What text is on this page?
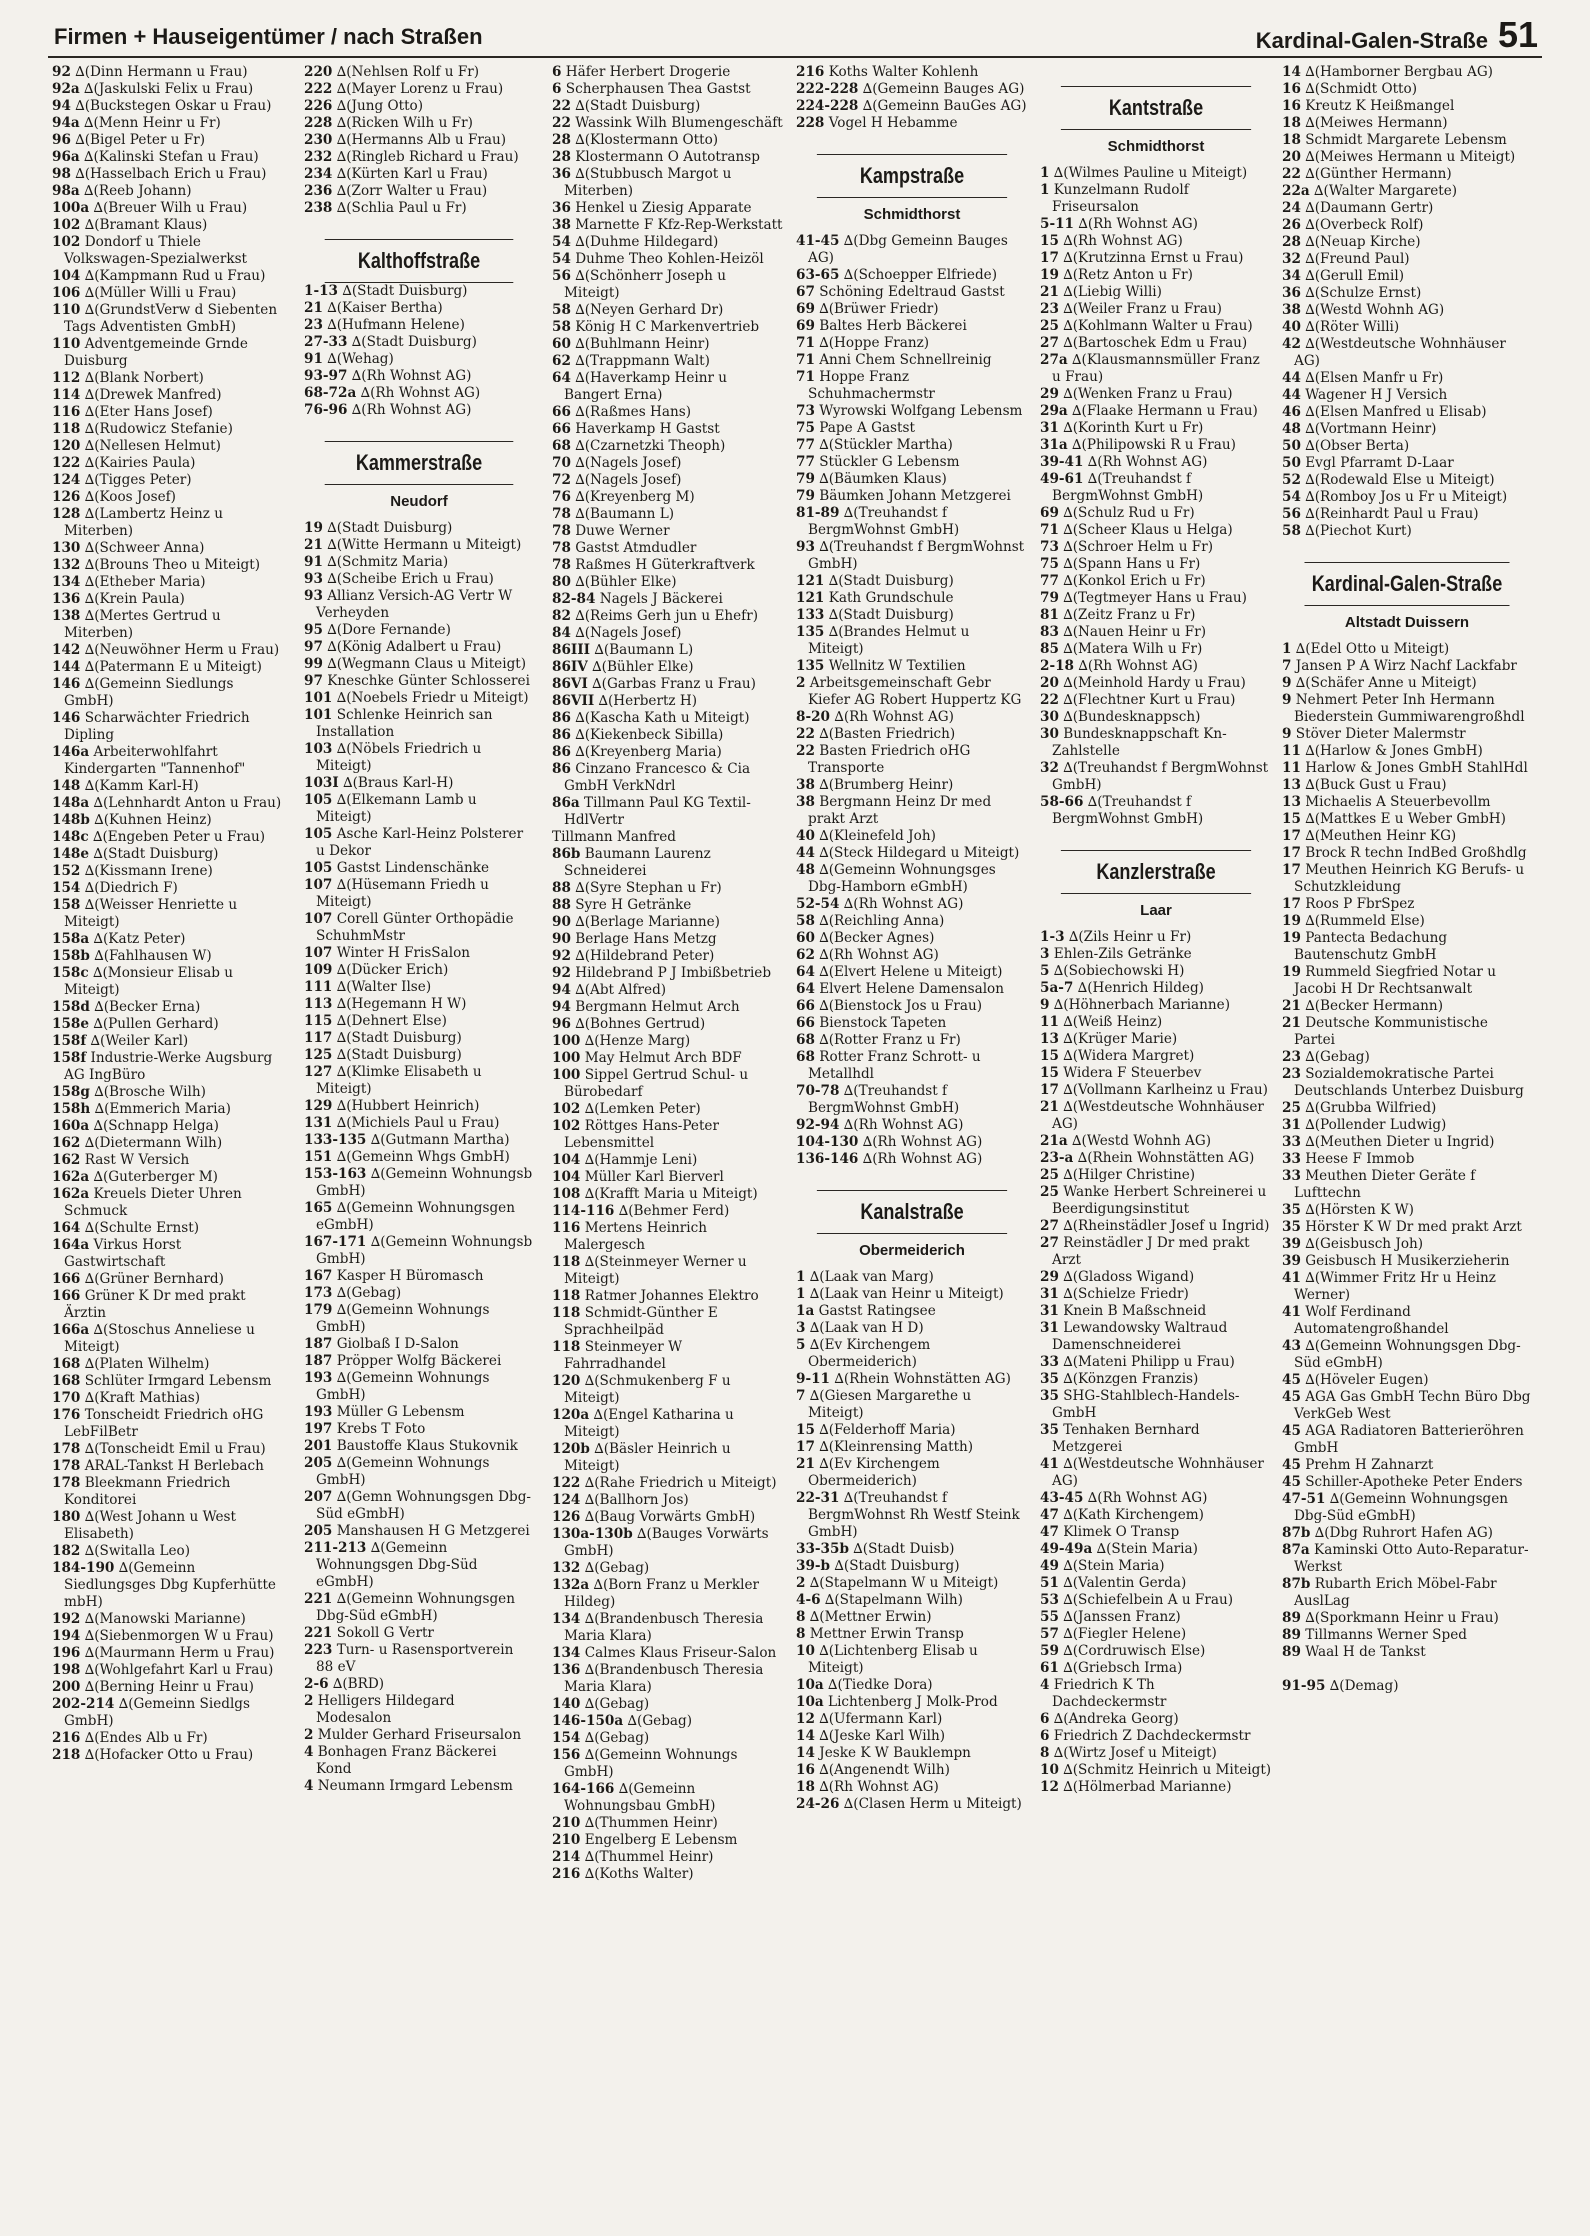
Firmen + Hauseigentümer / nach Straßen	Kardinal-Galen-Straße 51
92 ∆(Dinn Hermann u Frau)
92a ∆(Jaskulski Felix u Frau)
94 ∆(Buckstegen Oskar u Frau)
94a ∆(Menn Heinr u Fr)
96 ∆(Bigel Peter u Fr)
96a ∆(Kalinski Stefan u Frau)
98 ∆(Hasselbach Erich u Frau)
98a ∆(Reeb Johann)
100a ∆(Breuer Wilh u Frau)
102 ∆(Bramant Klaus)
102 Dondorf u Thiele Volkswagen-Spezialwerkst
104 ∆(Kampmann Rud u Frau)
106 ∆(Müller Willi u Frau)
110 ∆(GrundstVerw d Siebenten Tags Adventisten GmbH)
110 Adventgemeinde Grnde Duisburg
112 ∆(Blank Norbert)
114 ∆(Drewek Manfred)
116 ∆(Eter Hans Josef)
118 ∆(Rudowicz Stefanie)
120 ∆(Nellesen Helmut)
122 ∆(Kairies Paula)
124 ∆(Tigges Peter)
126 ∆(Koos Josef)
128 ∆(Lambertz Heinz u Miterben)
130 ∆(Schweer Anna)
132 ∆(Brouns Theo u Miteigt)
134 ∆(Etheber Maria)
136 ∆(Krein Paula)
138 ∆(Mertes Gertrud u Miterben)
142 ∆(Neuwöhner Herm u Frau)
144 ∆(Patermann E u Miteigt)
146 ∆(Gemeinn Siedlungs GmbH)
146 Scharwächter Friedrich Dipling
146a Arbeiterwohlfahrt Kindergarten "Tannenhof"
148 ∆(Kamm Karl-H)
148a ∆(Lehnhardt Anton u Frau)
148b ∆(Kuhnen Heinz)
148c ∆(Engeben Peter u Frau)
148e ∆(Stadt Duisburg)
152 ∆(Kissmann Irene)
154 ∆(Diedrich F)
158 ∆(Weisser Henriette u Miteigt)
158a ∆(Katz Peter)
158b ∆(Fahlhausen W)
158c ∆(Monsieur Elisab u Miteigt)
158d ∆(Becker Erna)
158e ∆(Pullen Gerhard)
158f ∆(Weiler Karl)
158f Industrie-Werke Augsburg AG IngBüro
158g ∆(Brosche Wilh)
158h ∆(Emmerich Maria)
160a ∆(Schnapp Helga)
162 ∆(Dietermann Wilh)
162 Rast W Versich
162a ∆(Guterberger M)
162a Kreuels Dieter Uhren Schmuck
164 ∆(Schulte Ernst)
164a Virkus Horst Gastwirtschaft
166 ∆(Grüner Bernhard)
166 Grüner K Dr med prakt Ärztin
166a ∆(Stoschus Anneliese u Miteigt)
168 ∆(Platen Wilhelm)
168 Schlüter Irmgard Lebensm
170 ∆(Kraft Mathias)
176 Tonscheidt Friedrich oHG LebFilBetr
178 ∆(Tonscheidt Emil u Frau)
178 ARAL-Tankst H Berlebach
178 Bleekmann Friedrich Konditorei
180 ∆(West Johann u West Elisabeth)
182 ∆(Switalla Leo)
184-190 ∆(Gemeinn Siedlungsges Dbg Kupferhütte mbH)
192 ∆(Manowski Marianne)
194 ∆(Siebenmorgen W u Frau)
196 ∆(Maurmann Herm u Frau)
198 ∆(Wohlgefahrt Karl u Frau)
200 ∆(Berning Heinr u Frau)
202-214 ∆(Gemeinn Siedlgs GmbH)
216 ∆(Endes Alb u Fr)
218 ∆(Hofacker Otto u Frau)
220 ∆(Nehlsen Rolf u Fr)
222 ∆(Mayer Lorenz u Frau)
226 ∆(Jung Otto)
228 ∆(Ricken Wilh u Fr)
230 ∆(Hermanns Alb u Frau)
232 ∆(Ringleb Richard u Frau)
234 ∆(Kürten Karl u Frau)
236 ∆(Zorr Walter u Frau)
238 ∆(Schlia Paul u Fr)
Kalthoffstraße
1-13 ∆(Stadt Duisburg)
21 ∆(Kaiser Bertha)
23 ∆(Hufmann Helene)
27-33 ∆(Stadt Duisburg)
91 ∆(Wehag)
93-97 ∆(Rh Wohnst AG)
68-72a ∆(Rh Wohnst AG)
76-96 ∆(Rh Wohnst AG)
Kammerstraße
Neudorf
19 ∆(Stadt Duisburg)
21 ∆(Witte Hermann u Miteigt)
91 ∆(Schmitz Maria)
93 ∆(Scheibe Erich u Frau)
93 Allianz Versich-AG Vertr W Verheyden
95 ∆(Dore Fernande)
97 ∆(König Adalbert u Frau)
99 ∆(Wegmann Claus u Miteigt)
97 Kneschke Günter Schlosserei
101 ∆(Noebels Friedr u Miteigt)
101 Schlenke Heinrich san Installation
103 ∆(Nöbels Friedrich u Miteigt)
103I ∆(Braus Karl-H)
105 ∆(Elkemann Lamb u Miteigt)
105 Asche Karl-Heinz Polsterer u Dekor
105 Gastst Lindenschänke
107 ∆(Hüsemann Friedh u Miteigt)
107 Corell Günter Orthopädie SchuhmMstr
107 Winter H FrisSalon
109 ∆(Dücker Erich)
111 ∆(Walter Ilse)
113 ∆(Hegemann H W)
115 ∆(Dehnert Else)
117 ∆(Stadt Duisburg)
125 ∆(Stadt Duisburg)
127 ∆(Klimke Elisabeth u Miteigt)
129 ∆(Hubbert Heinrich)
131 ∆(Michiels Paul u Frau)
133-135 ∆(Gutmann Martha)
151 ∆(Gemeinn Whgs GmbH)
153-163 ∆(Gemeinn Wohnungsb GmbH)
165 ∆(Gemeinn Wohnungsgen eGmbH)
167-171 ∆(Gemeinn Wohnungsb GmbH)
167 Kasper H Büromasch
173 ∆(Gebag)
179 ∆(Gemeinn Wohnungs GmbH)
187 Giolbaß I D-Salon
187 Pröpper Wolfg Bäckerei
193 ∆(Gemeinn Wohnungs GmbH)
193 Müller G Lebensm
197 Krebs T Foto
201 Baustoffe Klaus Stukovnik
205 ∆(Gemeinn Wohnungs GmbH)
207 ∆(Gemn Wohnungsgen Dbg-Süd eGmbH)
205 Manshausen H G Metzgerei
211-213 ∆(Gemeinn Wohnungsgen Dbg-Süd eGmbH)
221 ∆(Gemeinn Wohnungsgen Dbg-Süd eGmbH)
221 Sokoll G Vertr
223 Turn- u Rasensportverein 88 eV
2-6 ∆(BRD)
2 Helligers Hildegard Modesalon
2 Mulder Gerhard Friseursalon
4 Bonhagen Franz Bäckerei Kond
4 Neumann Irmgard Lebensm
6 Häfer Herbert Drogerie
6 Scherphausen Thea Gastst
22 ∆(Stadt Duisburg)
22 Wassink Wilh Blumengeschäft
28 ∆(Klostermann Otto)
28 Klostermann O Autotransp
36 ∆(Stubbusch Margot u Miterben)
36 Henkel u Ziesig Apparate
38 Marnette F Kfz-Rep-Werkstatt
54 ∆(Duhme Hildegard)
54 Duhme Theo Kohlen-Heizöl
56 ∆(Schönherr Joseph u Miteigt)
58 ∆(Neyen Gerhard Dr)
58 König H C Markenvertrieb
60 ∆(Buhlmann Heinr)
62 ∆(Trappmann Walt)
64 ∆(Haverkamp Heinr u Bangert Erna)
66 ∆(Raßmes Hans)
66 Haverkamp H Gastst
68 ∆(Czarnetzki Theoph)
70 ∆(Nagels Josef)
72 ∆(Nagels Josef)
76 ∆(Kreyenberg M)
78 ∆(Baumann L)
78 Duwe Werner
78 Gastst Atmdudler
78 Raßmes H Güterkraftverk
80 ∆(Bühler Elke)
82-84 Nagels J Bäckerei
82 ∆(Reims Gerh jun u Ehefr)
84 ∆(Nagels Josef)
86III ∆(Baumann L)
86IV ∆(Bühler Elke)
86VI ∆(Garbas Franz u Frau)
86VII ∆(Herbertz H)
86 ∆(Kascha Kath u Miteigt)
86 ∆(Kiekenbeck Sibilla)
86 ∆(Kreyenberg Maria)
86 Cinzano Francesco & Cia GmbH VerkNdrl
86a Tillmann Paul KG Textil-HdlVertr
Tillmann Manfred
86b Baumann Laurenz Schneiderei
88 ∆(Syre Stephan u Fr)
88 Syre H Getränke
90 ∆(Berlage Marianne)
90 Berlage Hans Metzg
92 ∆(Hildebrand Peter)
92 Hildebrand P J Imbißbetrieb
94 ∆(Abt Alfred)
94 Bergmann Helmut Arch
96 ∆(Bohnes Gertrud)
100 ∆(Henze Marg)
100 May Helmut Arch BDF
100 Sippel Gertrud Schul- u Bürobedarf
102 ∆(Lemken Peter)
102 Röttges Hans-Peter Lebensmittel
104 ∆(Hammje Leni)
104 Müller Karl Bierverl
108 ∆(Krafft Maria u Miteigt)
114-116 ∆(Behmer Ferd)
116 Mertens Heinrich Malergesch
118 ∆(Steinmeyer Werner u Miteigt)
118 Ratmer Johannes Elektro
118 Schmidt-Günther E Sprachheilpäd
118 Steinmeyer W Fahrradhandel
120 ∆(Schmukenberg F u Miteigt)
120a ∆(Engel Katharina u Miteigt)
120b ∆(Bäsler Heinrich u Miteigt)
122 ∆(Rahe Friedrich u Miteigt)
124 ∆(Ballhorn Jos)
126 ∆(Baug Vorwärts GmbH)
130a-130b ∆(Bauges Vorwärts GmbH)
132 ∆(Gebag)
132a ∆(Born Franz u Merkler Hildeg)
134 ∆(Brandenbusch Theresia Maria Klara)
134 Calmes Klaus Friseur-Salon
136 ∆(Brandenbusch Theresia Maria Klara)
140 ∆(Gebag)
146-150a ∆(Gebag)
154 ∆(Gebag)
156 ∆(Gemeinn Wohnungs GmbH)
164-166 ∆(Gemeinn Wohnungsbau GmbH)
210 ∆(Thummen Heinr)
210 Engelberg E Lebensm
214 ∆(Thummel Heinr)
216 ∆(Koths Walter)
216 Koths Walter Kohlenh
222-228 ∆(Gemeinn Bauges AG)
224-228 ∆(Gemeinn BauGes AG)
228 Vogel H Hebamme
Kampstraße
Schmidthorst
41-45 ∆(Dbg Gemeinn Bauges AG)
63-65 ∆(Schoepper Elfriede)
67 Schöning Edeltraud Gastst
69 ∆(Brüwer Friedr)
69 Baltes Herb Bäckerei
71 ∆(Hoppe Franz)
71 Anni Chem Schnellreinig
71 Hoppe Franz Schuhmachermstr
73 Wyrowski Wolfgang Lebensm
75 Pape A Gastst
77 ∆(Stückler Martha)
77 Stückler G Lebensm
79 ∆(Bäumken Klaus)
79 Bäumken Johann Metzgerei
81-89 ∆(Treuhandst f BergmWohnst GmbH)
93 ∆(Treuhandst f BergmWohnst GmbH)
121 ∆(Stadt Duisburg)
121 Kath Grundschule
133 ∆(Stadt Duisburg)
135 ∆(Brandes Helmut u Miteigt)
135 Wellnitz W Textilien
2 Arbeitsgemeinschaft Gebr Kiefer AG Robert Huppertz KG
8-20 ∆(Rh Wohnst AG)
22 ∆(Basten Friedrich)
22 Basten Friedrich oHG Transporte
38 ∆(Brumberg Heinr)
38 Bergmann Heinz Dr med prakt Arzt
40 ∆(Kleinefeld Joh)
44 ∆(Steck Hildegard u Miteigt)
48 ∆(Gemeinn Wohnungsges Dbg-Hamborn eGmbH)
52-54 ∆(Rh Wohnst AG)
58 ∆(Reichling Anna)
60 ∆(Becker Agnes)
62 ∆(Rh Wohnst AG)
64 ∆(Elvert Helene u Miteigt)
64 Elvert Helene Damensalon
66 ∆(Bienstock Jos u Frau)
66 Bienstock Tapeten
68 ∆(Rotter Franz u Fr)
68 Rotter Franz Schrott- u Metallhdl
70-78 ∆(Treuhandst f BergmWohnst GmbH)
92-94 ∆(Rh Wohnst AG)
104-130 ∆(Rh Wohnst AG)
136-146 ∆(Rh Wohnst AG)
Kanalstraße
Obermeiderich
1 ∆(Laak van Marg)
1 ∆(Laak van Heinr u Miteigt)
1a Gastst Ratingsee
3 ∆(Laak van H D)
5 ∆(Ev Kirchengem Obermeiderich)
9-11 ∆(Rhein Wohnstätten AG)
7 ∆(Giesen Margarethe u Miteigt)
15 ∆(Felderhoff Maria)
17 ∆(Kleinrensing Matth)
21 ∆(Ev Kirchengem Obermeiderich)
22-31 ∆(Treuhandst f BergmWohnst Rh Westf Steink GmbH)
33-35b ∆(Stadt Duisb)
39-b ∆(Stadt Duisburg)
2 ∆(Stapelmann W u Miteigt)
4-6 ∆(Stapelmann Wilh)
8 ∆(Mettner Erwin)
8 Mettner Erwin Transp
10 ∆(Lichtenberg Elisab u Miteigt)
10a ∆(Tiedke Dora)
10a Lichtenberg J Molk-Prod
12 ∆(Ufermann Karl)
14 ∆(Jeske Karl Wilh)
14 Jeske K W Bauklempn
16 ∆(Angenendt Wilh)
18 ∆(Rh Wohnst AG)
24-26 ∆(Clasen Herm u Miteigt)
Kantstraße
Schmidthorst
1 ∆(Wilmes Pauline u Miteigt)
1 Kunzelmann Rudolf Friseursalon
5-11 ∆(Rh Wohnst AG)
15 ∆(Rh Wohnst AG)
17 ∆(Krutzinna Ernst u Frau)
19 ∆(Retz Anton u Fr)
21 ∆(Liebig Willi)
23 ∆(Weiler Franz u Frau)
25 ∆(Kohlmann Walter u Frau)
27 ∆(Bartoschek Edm u Frau)
27a ∆(Klausmannsmüller Franz u Frau)
29 ∆(Wenken Franz u Frau)
29a ∆(Flaake Hermann u Frau)
31 ∆(Korinth Kurt u Fr)
31a ∆(Philipowski R u Frau)
39-41 ∆(Rh Wohnst AG)
49-61 ∆(Treuhandst f BergmWohnst GmbH)
69 ∆(Schulz Rud u Fr)
71 ∆(Scheer Klaus u Helga)
73 ∆(Schroer Helm u Fr)
75 ∆(Spann Hans u Fr)
77 ∆(Konkol Erich u Fr)
79 ∆(Tegtmeyer Hans u Frau)
81 ∆(Zeitz Franz u Fr)
83 ∆(Nauen Heinr u Fr)
85 ∆(Matera Wilh u Fr)
2-18 ∆(Rh Wohnst AG)
20 ∆(Meinhold Hardy u Frau)
22 ∆(Flechtner Kurt u Frau)
30 ∆(Bundesknappsch)
30 Bundesknappschaft Kn-Zahlstelle
32 ∆(Treuhandst f BergmWohnst GmbH)
58-66 ∆(Treuhandst f BergmWohnst GmbH)
Kanzlerstraße
Laar
1-3 ∆(Zils Heinr u Fr)
3 Ehlen-Zils Getränke
5 ∆(Sobiechowski H)
5a-7 ∆(Henrich Hildeg)
9 ∆(Höhnerbach Marianne)
11 ∆(Weiß Heinz)
13 ∆(Krüger Marie)
15 ∆(Widera Margret)
15 Widera F Steuerbev
17 ∆(Vollmann Karlheinz u Frau)
21 ∆(Westdeutsche Wohnhäuser AG)
21a ∆(Westd Wohnh AG)
23-a ∆(Rhein Wohnstätten AG)
25 ∆(Hilger Christine)
25 Wanke Herbert Schreinerei u Beerdigungsinstitut
27 ∆(Rheinstädler Josef u Ingrid)
27 Reinstädler J Dr med prakt Arzt
29 ∆(Gladoss Wigand)
31 ∆(Schielze Friedr)
31 Knein B Maßschneid
31 Lewandowsky Waltraud Damenschneiderei
33 ∆(Mateni Philipp u Frau)
35 ∆(Könzgen Franzis)
35 SHG-Stahlblech-Handels-GmbH
35 Tenhaken Bernhard Metzgerei
41 ∆(Westdeutsche Wohnhäuser AG)
43-45 ∆(Rh Wohnst AG)
47 ∆(Kath Kirchengem)
47 Klimek O Transp
49-49a ∆(Stein Maria)
49 ∆(Stein Maria)
51 ∆(Valentin Gerda)
53 ∆(Schiefelbein A u Frau)
55 ∆(Janssen Franz)
57 ∆(Fiegler Helene)
59 ∆(Cordruwisch Else)
61 ∆(Griebsch Irma)
4 Friedrich K Th Dachdeckermstr
6 ∆(Andreka Georg)
6 Friedrich Z Dachdeckermstr
8 ∆(Wirtz Josef u Miteigt)
10 ∆(Schmitz Heinrich u Miteigt)
12 ∆(Hölmerbad Marianne)
14 ∆(Hamborner Bergbau AG)
16 ∆(Schmidt Otto)
16 Kreutz K Heißmangel
18 ∆(Meiwes Hermann)
18 Schmidt Margarete Lebensm
20 ∆(Meiwes Hermann u Miteigt)
22 ∆(Günther Hermann)
22a ∆(Walter Margarete)
24 ∆(Daumann Gertr)
26 ∆(Overbeck Rolf)
28 ∆(Neuap Kirche)
32 ∆(Freund Paul)
34 ∆(Gerull Emil)
36 ∆(Schulze Ernst)
38 ∆(Westd Wohnh AG)
40 ∆(Röter Willi)
42 ∆(Westdeutsche Wohnhäuser AG)
44 ∆(Elsen Manfr u Fr)
44 Wagener H J Versich
46 ∆(Elsen Manfred u Elisab)
48 ∆(Vortmann Heinr)
50 ∆(Obser Berta)
50 Evgl Pfarramt D-Laar
52 ∆(Rodewald Else u Miteigt)
54 ∆(Romboy Jos u Fr u Miteigt)
56 ∆(Reinhardt Paul u Frau)
58 ∆(Piechot Kurt)
Kardinal-Galen-Straße
Altstadt Duissern
1 ∆(Edel Otto u Miteigt)
7 Jansen P A Wirz Nachf Lackfabr
9 ∆(Schäfer Anne u Miteigt)
9 Nehmert Peter Inh Hermann Biederstein Gummiwarengroßhdl
9 Stöver Dieter Malermstr
11 ∆(Harlow & Jones GmbH)
11 Harlow & Jones GmbH StahlHdl
13 ∆(Buck Gust u Frau)
13 Michaelis A Steuerbevollm
15 ∆(Mattkes E u Weber GmbH)
17 ∆(Meuthen Heinr KG)
17 Brock R techn IndBed Großhdlg
17 Meuthen Heinrich KG Berufs- u Schutzkleidung
17 Roos P FbrSpez
19 ∆(Rummeld Else)
19 Pantecta Bedachung Bautenschutz GmbH
19 Rummeld Siegfried Notar u Jacobi H Dr Rechtsanwalt
21 ∆(Becker Hermann)
21 Deutsche Kommunistische Partei
23 ∆(Gebag)
23 Sozialdemokratische Partei Deutschlands Unterbez Duisburg
25 ∆(Grubba Wilfried)
31 ∆(Pollender Ludwig)
33 ∆(Meuthen Dieter u Ingrid)
33 Heese F Immob
33 Meuthen Dieter Geräte f Lufttechn
35 ∆(Hörsten K W)
35 Hörster K W Dr med prakt Arzt
39 ∆(Geisbusch Joh)
39 Geisbusch H Musikerzieherin
41 ∆(Wimmer Fritz Hr u Heinz Werner)
41 Wolf Ferdinand Automatengroßhandel
43 ∆(Gemeinn Wohnungsgen Dbg-Süd eGmbH)
45 ∆(Höveler Eugen)
45 AGA Gas GmbH Techn Büro Dbg VerkGeb West
45 AGA Radiatoren Batterieröhren GmbH
45 Prehm H Zahnarzt
45 Schiller-Apotheke Peter Enders
47-51 ∆(Gemeinn Wohnungsgen Dbg-Süd eGmbH)
87b ∆(Dbg Ruhrort Hafen AG)
87a Kaminski Otto Auto-Reparatur-Werkst
87b Rubarth Erich Möbel-Fabr AuslLag
89 ∆(Sporkmann Heinr u Frau)
89 Tillmanns Werner Sped
89 Waal H de Tankst
91-95 ∆(Demag)
